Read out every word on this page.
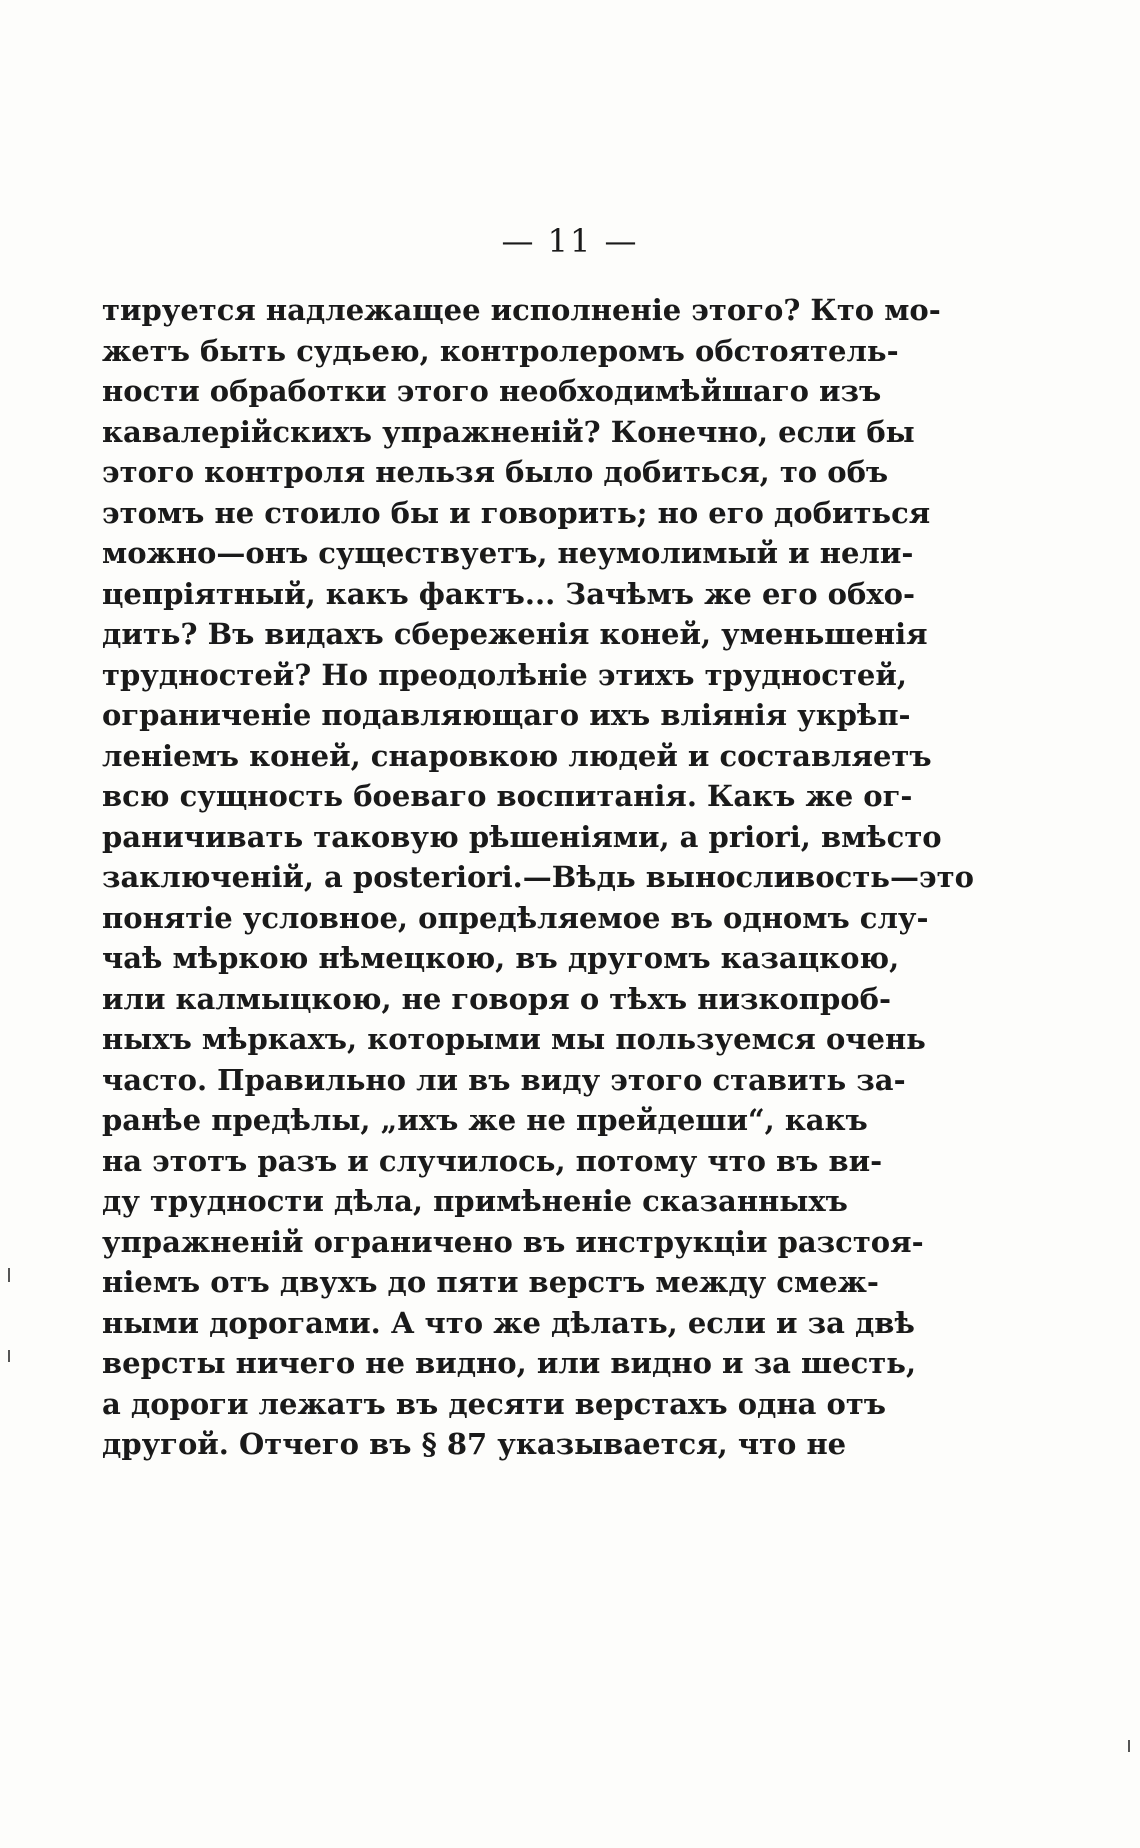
— 11 —
тируется надлежащее исполненіе этого? Кто мо-
жетъ быть судьею, контролеромъ обстоятель-
ности обработки этого необходимѣйшаго изъ
кавалерійскихъ упражненій? Конечно, если бы
этого контроля нельзя было добиться, то объ
этомъ не стоило бы и говорить; но его добиться
можно—онъ существуетъ, неумолимый и нели-
цепріятный, какъ фактъ... Зачѣмъ же его обхо-
дить? Въ видахъ сбереженія коней, уменьшенія
трудностей? Но преодолѣніе этихъ трудностей,
ограниченіе подавляющаго ихъ вліянія укрѣп-
леніемъ коней, снаровкою людей и составляетъ
всю сущность боеваго воспитанія. Какъ же ог-
раничивать таковую рѣшеніями, a priori, вмѣсто
заключеній, a posteriori.—Вѣдь выносливость—это
понятіе условное, опредѣляемое въ одномъ слу-
чаѣ мѣркою нѣмецкою, въ другомъ казацкою,
или калмыцкою, не говоря о тѣхъ низкопроб-
ныхъ мѣркахъ, которыми мы пользуемся очень
часто. Правильно ли въ виду этого ставить за-
ранѣе предѣлы, „ихъ же не прейдеши“, какъ
на этотъ разъ и случилось, потому что въ ви-
ду трудности дѣла, примѣненіе сказанныхъ
упражненій ограничено въ инструкціи разстоя-
ніемъ отъ двухъ до пяти верстъ между смеж-
ными дорогами. А что же дѣлать, если и за двѣ
версты ничего не видно, или видно и за шесть,
а дороги лежатъ въ десяти верстахъ одна отъ
другой. Отчего въ § 87 указывается, что не
